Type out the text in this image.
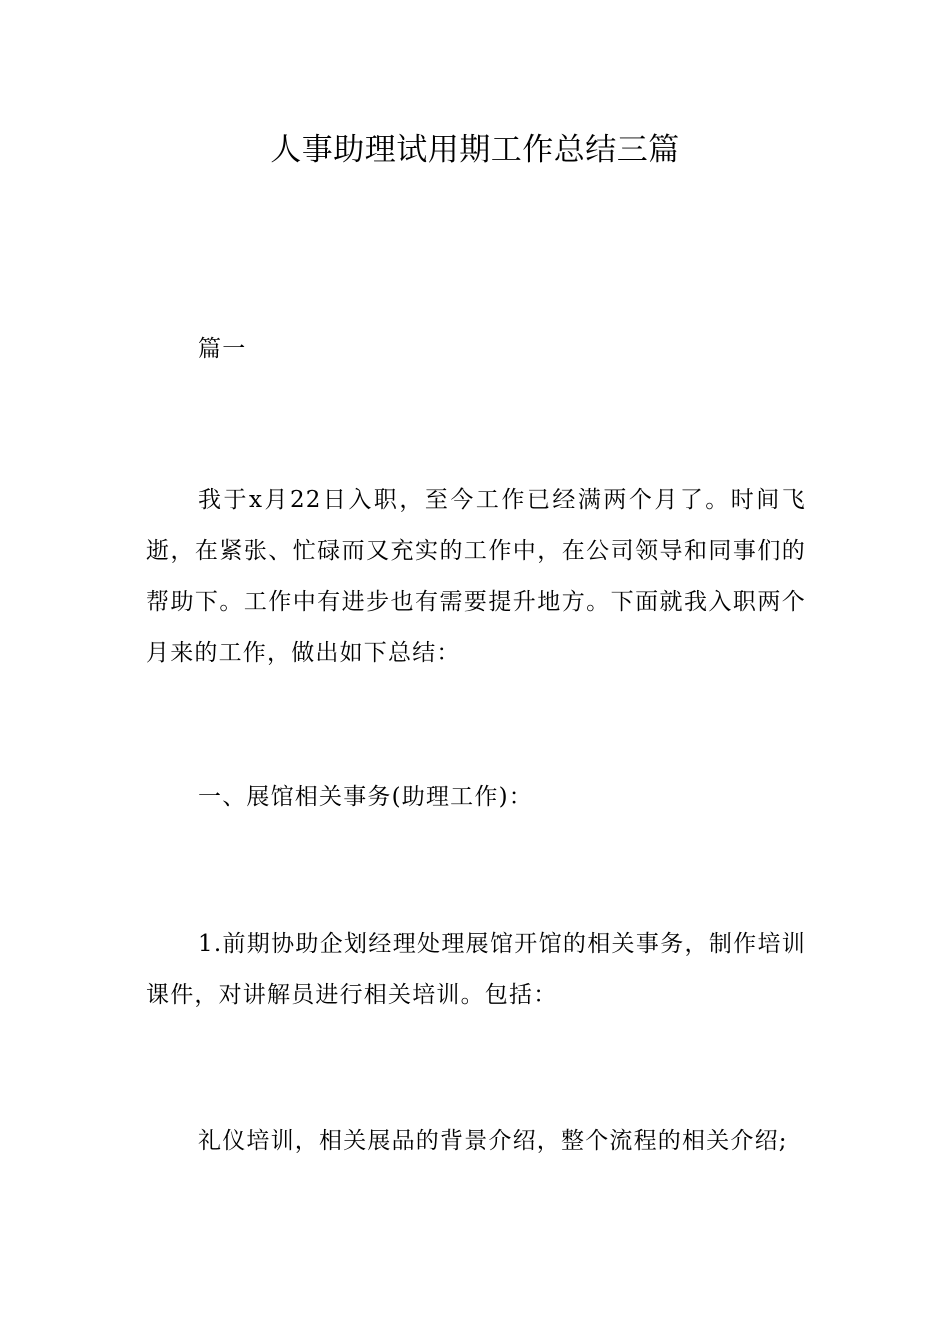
人事助理试用期工作总结三篇

篇一

我于x月22日入职，至今工作已经满两个月了。时间飞逝，在紧张、忙碌而又充实的工作中，在公司领导和同事们的帮助下。工作中有进步也有需要提升地方。下面就我入职两个月来的工作，做出如下总结：

一、展馆相关事务(助理工作)：

1.前期协助企划经理处理展馆开馆的相关事务，制作培训课件，对讲解员进行相关培训。包括：

礼仪培训，相关展品的背景介绍，整个流程的相关介绍;
